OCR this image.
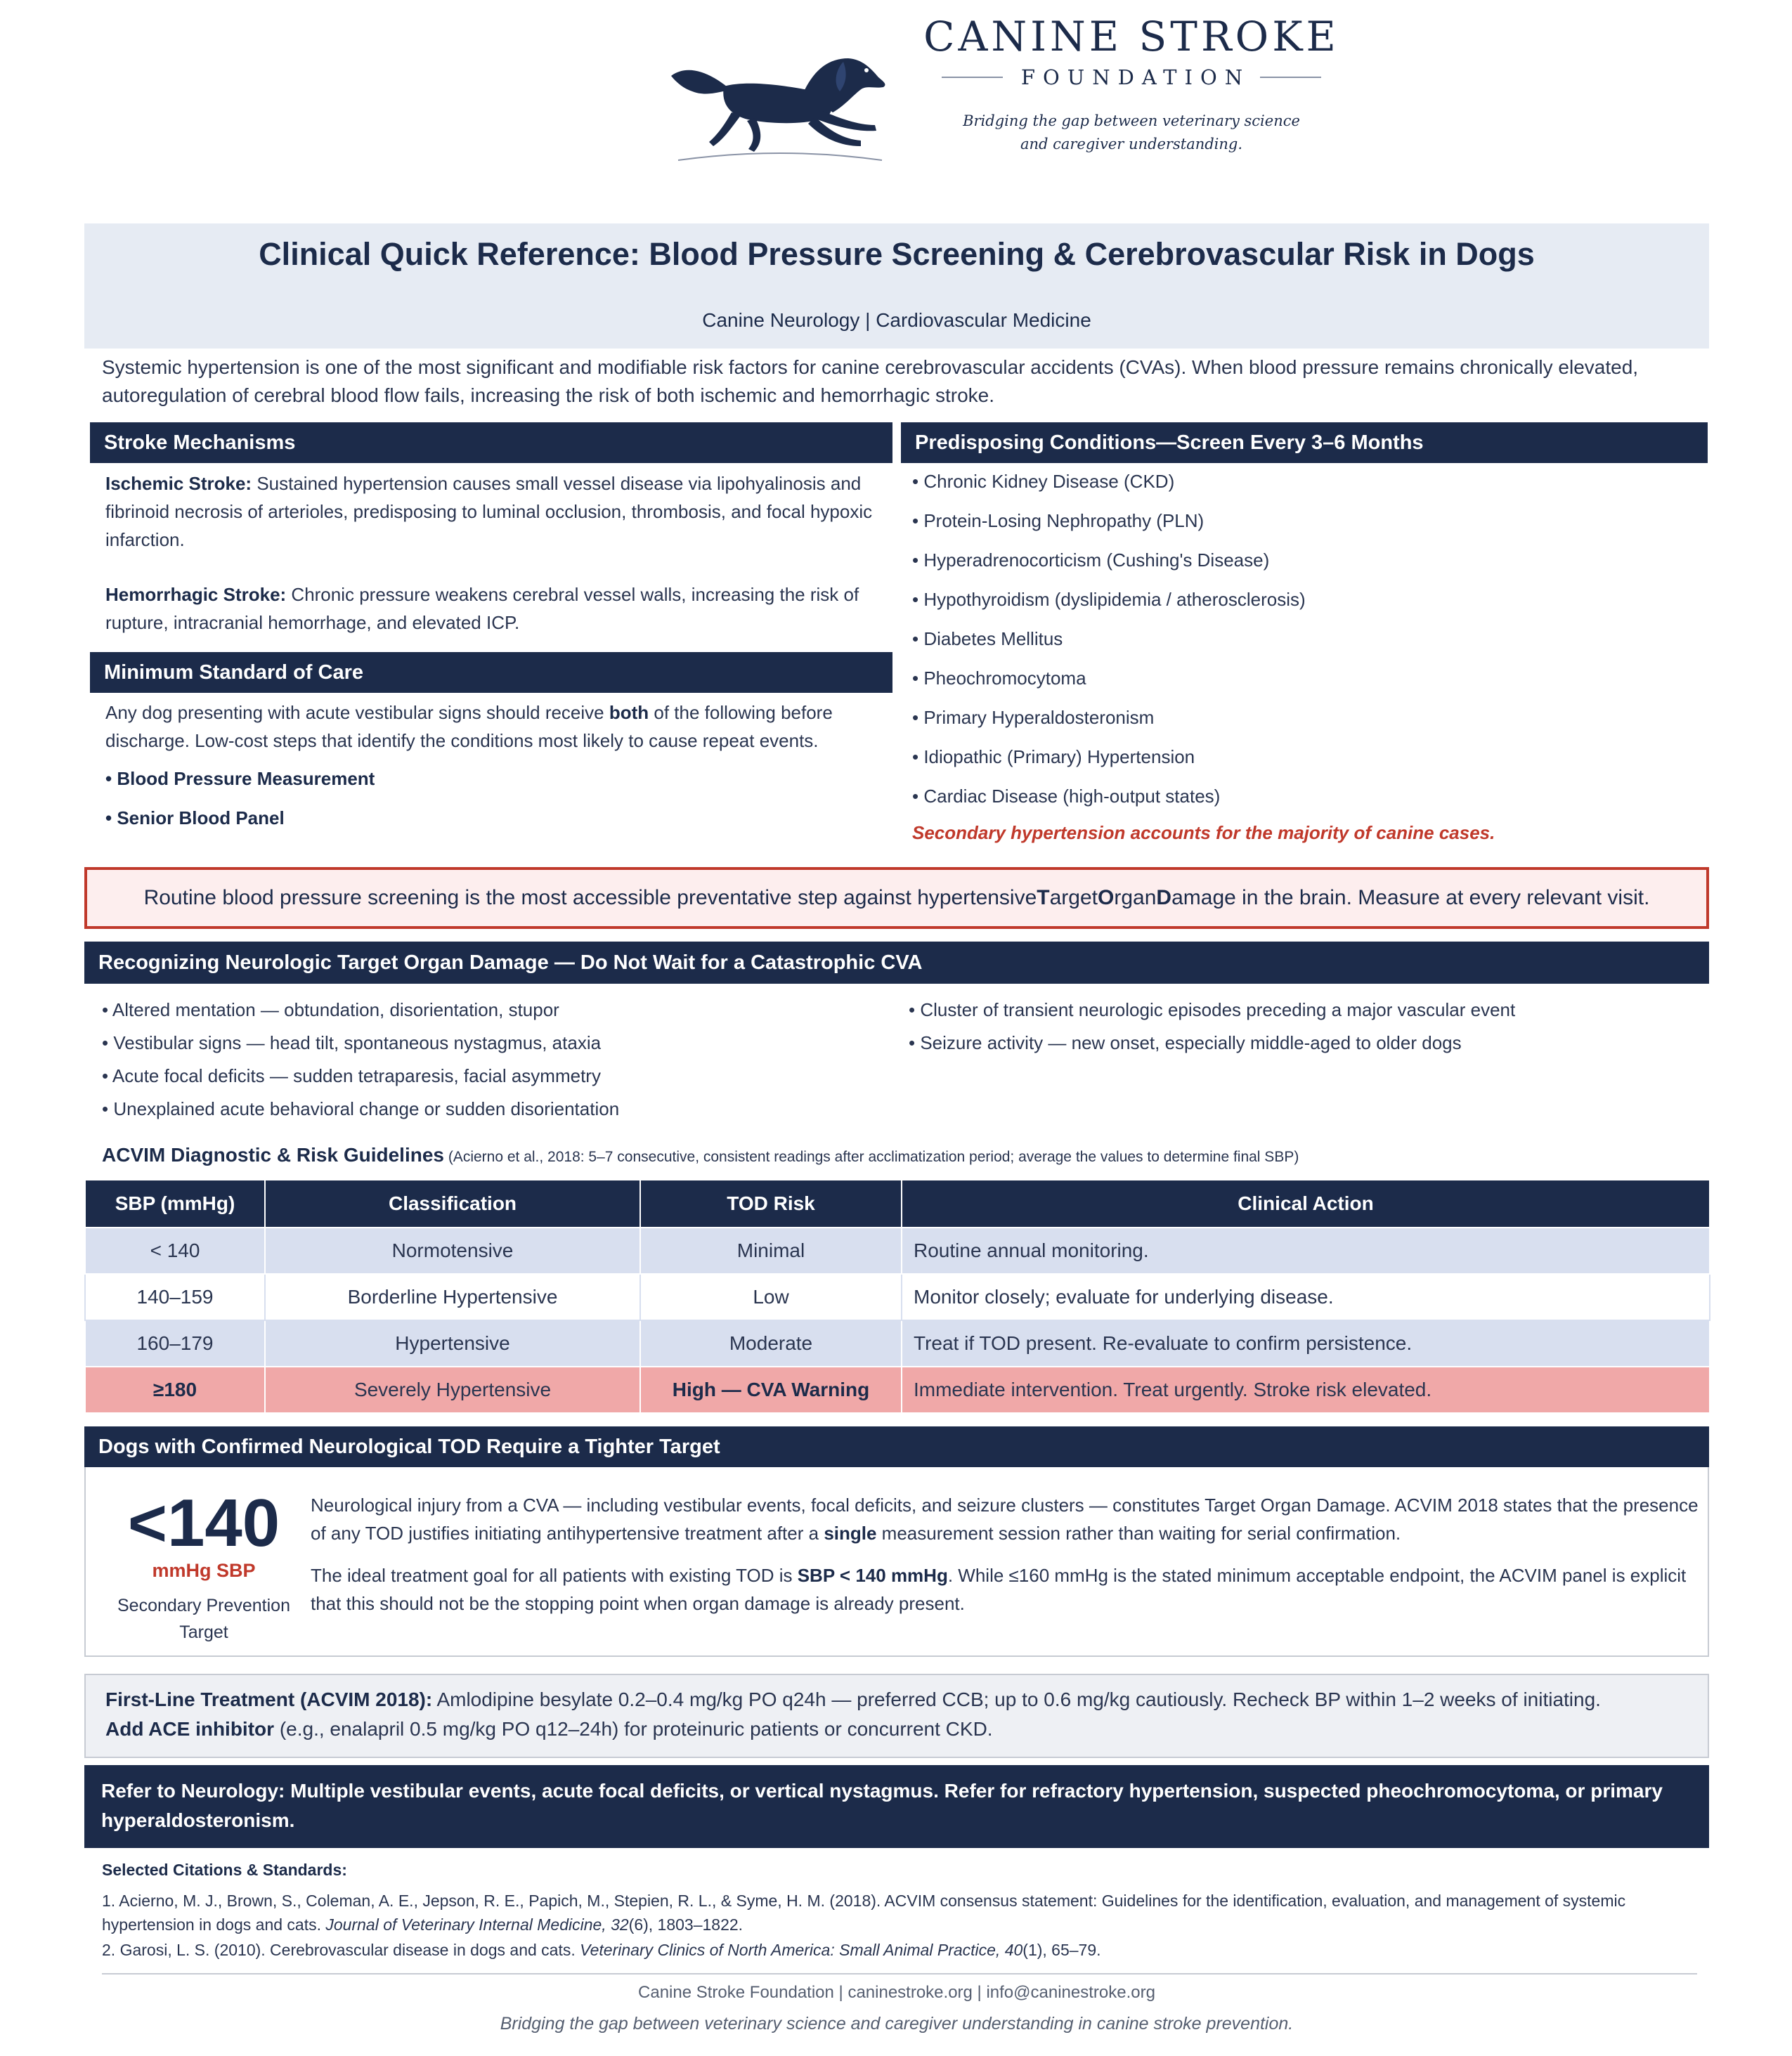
CANINE STROKE
FOUNDATION
Bridging the gap between veterinary science
and caregiver understanding.
Clinical Quick Reference: Blood Pressure Screening & Cerebrovascular Risk in Dogs
Canine Neurology | Cardiovascular Medicine
Systemic hypertension is one of the most significant and modifiable risk factors for canine cerebrovascular accidents (CVAs). When blood pressure remains chronically elevated, autoregulation of cerebral blood flow fails, increasing the risk of both ischemic and hemorrhagic stroke.
Stroke Mechanisms
Ischemic Stroke: Sustained hypertension causes small vessel disease via lipohyalinosis and fibrinoid necrosis of arterioles, predisposing to luminal occlusion, thrombosis, and focal hypoxic infarction.
Hemorrhagic Stroke: Chronic pressure weakens cerebral vessel walls, increasing the risk of rupture, intracranial hemorrhage, and elevated ICP.
Minimum Standard of Care
Any dog presenting with acute vestibular signs should receive both of the following before discharge. Low-cost steps that identify the conditions most likely to cause repeat events.
• Blood Pressure Measurement
• Senior Blood Panel
Predisposing Conditions—Screen Every 3–6 Months
• Chronic Kidney Disease (CKD)
• Protein-Losing Nephropathy (PLN)
• Hyperadrenocorticism (Cushing's Disease)
• Hypothyroidism (dyslipidemia / atherosclerosis)
• Diabetes Mellitus
• Pheochromocytoma
• Primary Hyperaldosteronism
• Idiopathic (Primary) Hypertension
• Cardiac Disease (high-output states)
Secondary hypertension accounts for the majority of canine cases.
Routine blood pressure screening is the most accessible preventative step against hypertensive T arget O rgan D amage in the brain. Measure at every relevant visit.
Recognizing Neurologic Target Organ Damage — Do Not Wait for a Catastrophic CVA
• Altered mentation — obtundation, disorientation, stupor
• Vestibular signs — head tilt, spontaneous nystagmus, ataxia
• Acute focal deficits — sudden tetraparesis, facial asymmetry
• Unexplained acute behavioral change or sudden disorientation
• Cluster of transient neurologic episodes preceding a major vascular event
• Seizure activity — new onset, especially middle-aged to older dogs
ACVIM Diagnostic & Risk Guidelines (Acierno et al., 2018: 5–7 consecutive, consistent readings after acclimatization period; average the values to determine final SBP)
SBP (mmHg)	Classification	TOD Risk	Clinical Action
< 140	Normotensive	Minimal	Routine annual monitoring.
140–159	Borderline Hypertensive	Low	Monitor closely; evaluate for underlying disease.
160–179	Hypertensive	Moderate	Treat if TOD present. Re-evaluate to confirm persistence.
≥180	Severely Hypertensive	High — CVA Warning	Immediate intervention. Treat urgently. Stroke risk elevated.
Dogs with Confirmed Neurological TOD Require a Tighter Target
<140
mmHg SBP
Secondary Prevention
Target
Neurological injury from a CVA — including vestibular events, focal deficits, and seizure clusters — constitutes Target Organ Damage. ACVIM 2018 states that the presence of any TOD justifies initiating antihypertensive treatment after a single measurement session rather than waiting for serial confirmation.
The ideal treatment goal for all patients with existing TOD is SBP < 140 mmHg. While ≤160 mmHg is the stated minimum acceptable endpoint, the ACVIM panel is explicit that this should not be the stopping point when organ damage is already present.
First-Line Treatment (ACVIM 2018): Amlodipine besylate 0.2–0.4 mg/kg PO q24h — preferred CCB; up to 0.6 mg/kg cautiously. Recheck BP within 1–2 weeks of initiating.
Add ACE inhibitor (e.g., enalapril 0.5 mg/kg PO q12–24h) for proteinuric patients or concurrent CKD.
Refer to Neurology: Multiple vestibular events, acute focal deficits, or vertical nystagmus. Refer for refractory hypertension, suspected pheochromocytoma, or primary hyperaldosteronism.
Selected Citations & Standards:
1. Acierno, M. J., Brown, S., Coleman, A. E., Jepson, R. E., Papich, M., Stepien, R. L., & Syme, H. M. (2018). ACVIM consensus statement: Guidelines for the identification, evaluation, and management of systemic hypertension in dogs and cats. Journal of Veterinary Internal Medicine, 32(6), 1803–1822.
2. Garosi, L. S. (2010). Cerebrovascular disease in dogs and cats. Veterinary Clinics of North America: Small Animal Practice, 40(1), 65–79.
Canine Stroke Foundation | caninestroke.org | info@caninestroke.org
Bridging the gap between veterinary science and caregiver understanding in canine stroke prevention.
